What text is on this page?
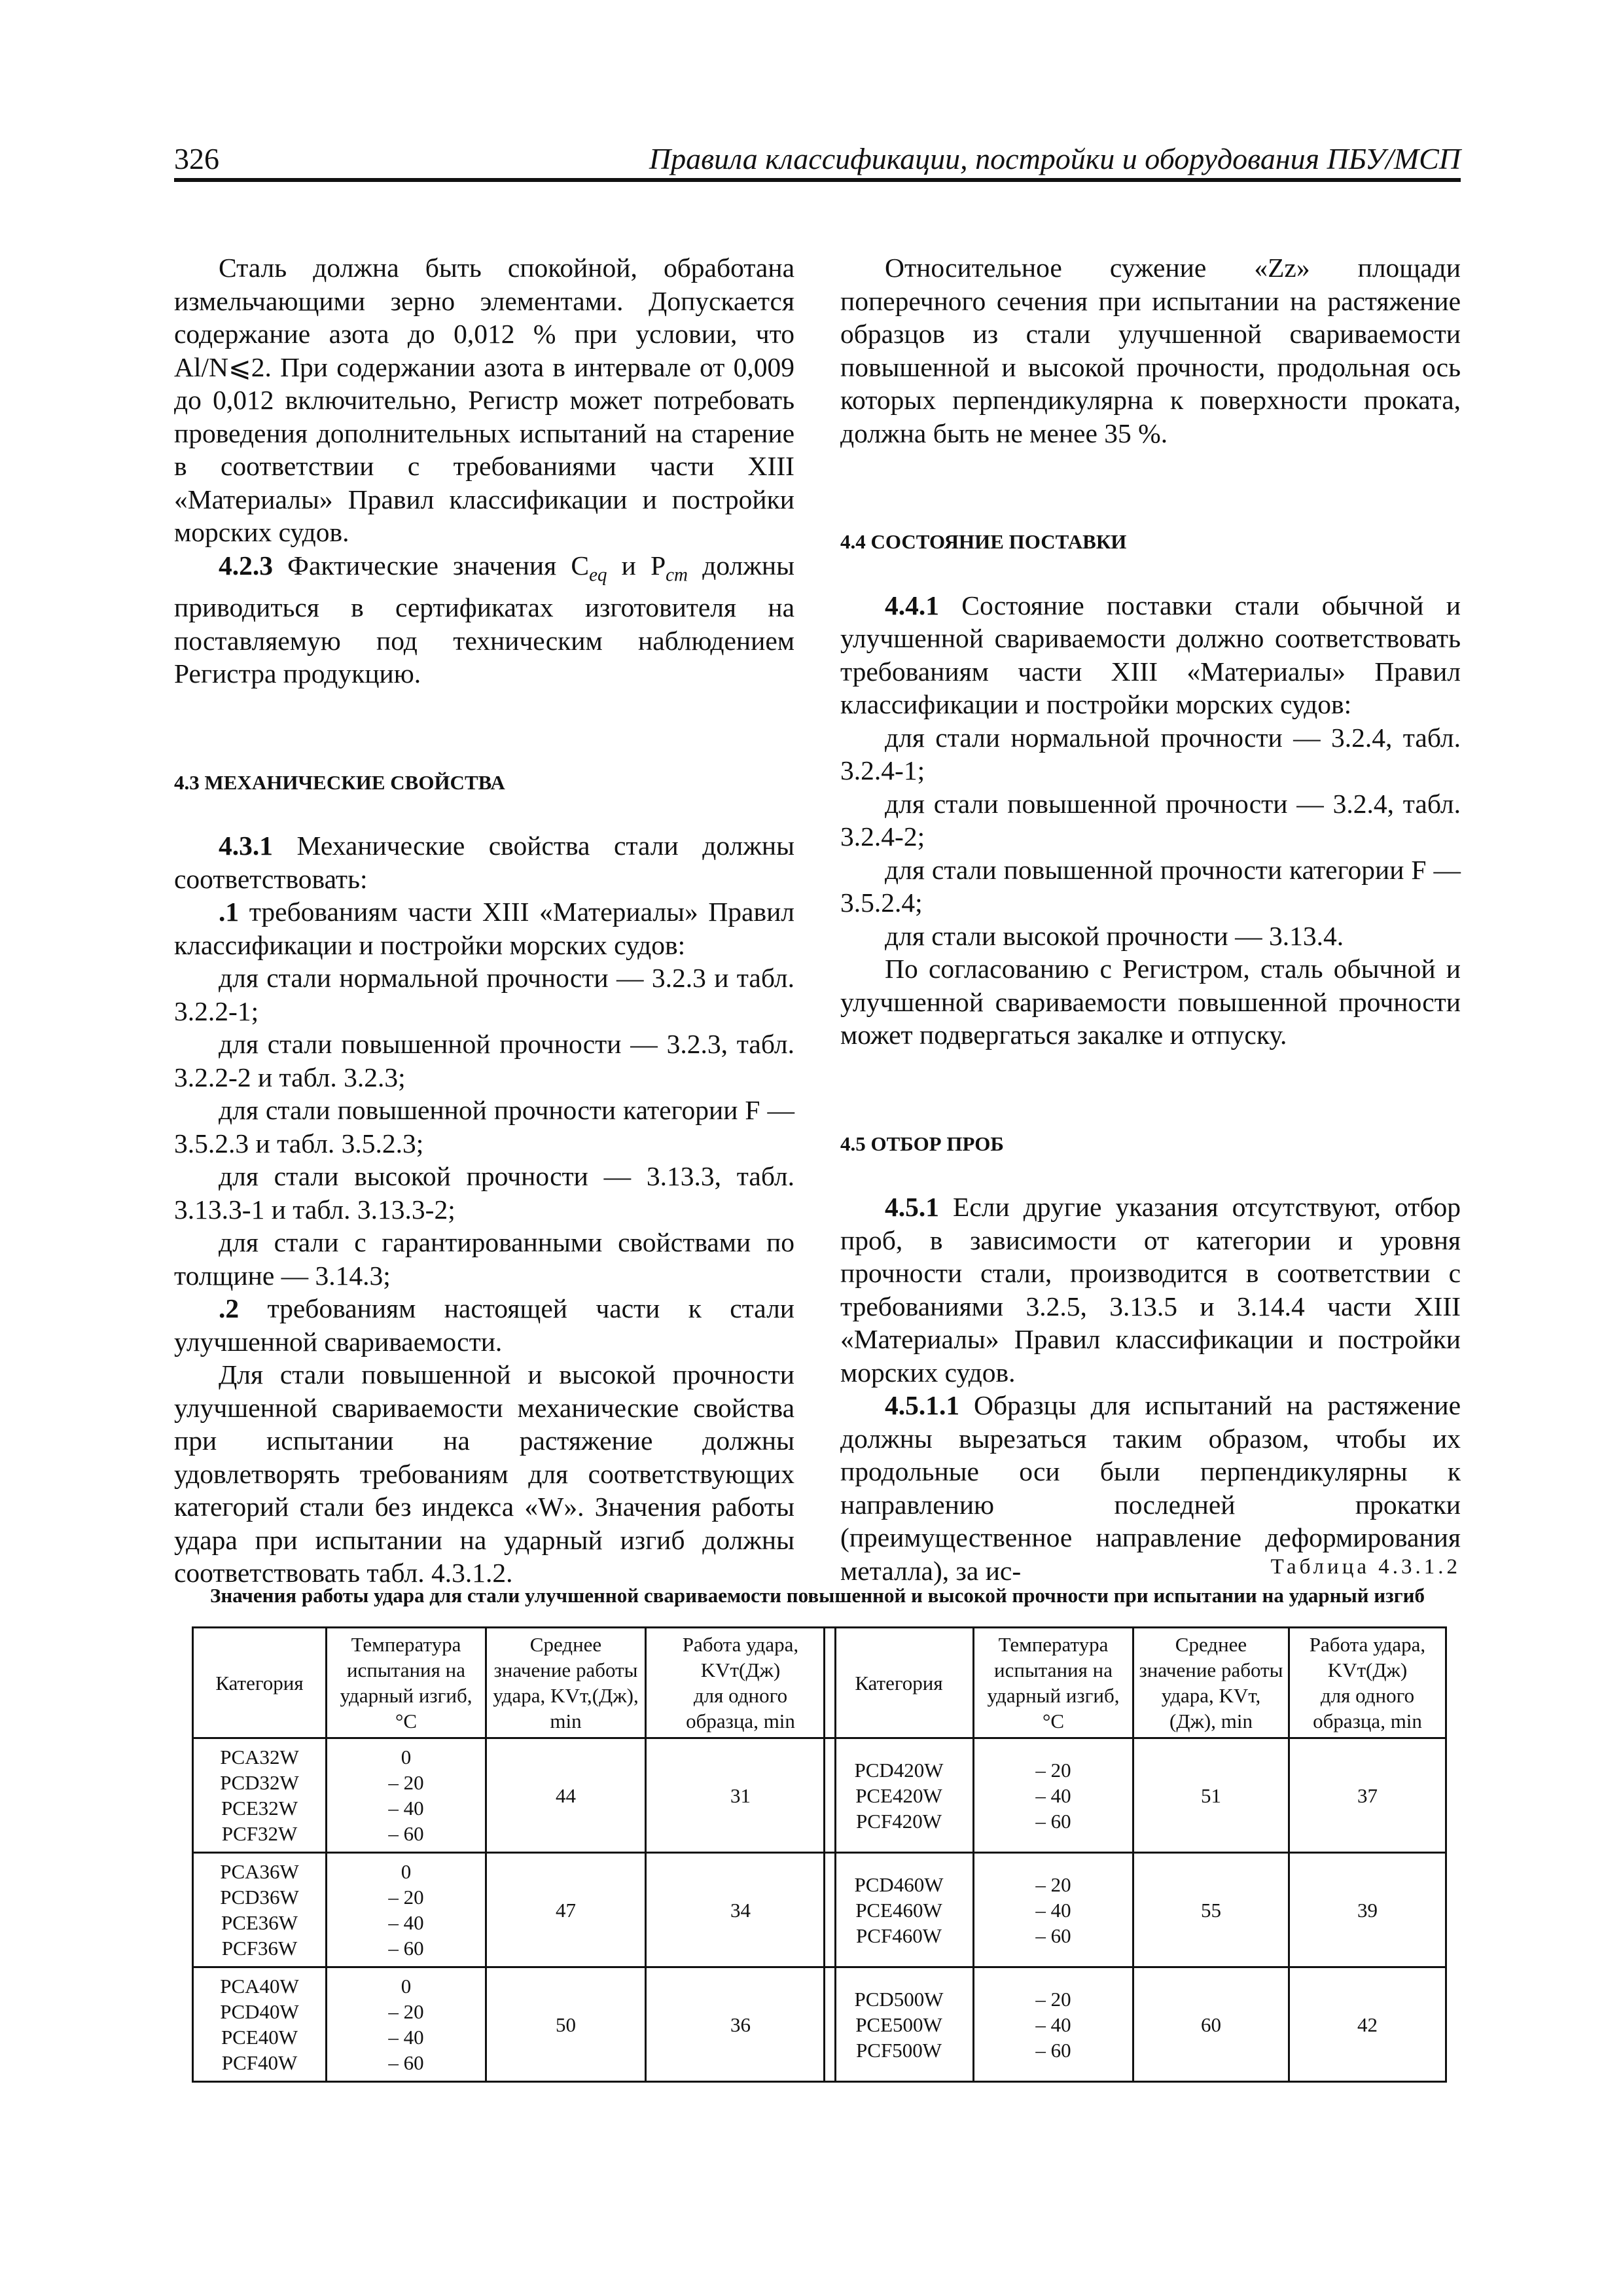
326	Правила классификации, постройки и оборудования ПБУ/МСП

Сталь должна быть спокойной, обработана измельчающими зерно элементами. Допускается содержание азота до 0,012 % при условии, что Al/N⩽2. При содержании азота в интервале от 0,009 до 0,012 включительно, Регистр может потребовать проведения дополнительных испытаний на старение в соответствии с требованиями части XIII «Материалы» Правил классификации и постройки морских судов.

4.2.3 Фактические значения $C_{eq}$ и $P_{cm}$ должны приводиться в сертификатах изготовителя на поставляемую под техническим наблюдением Регистра продукцию.

4.3 МЕХАНИЧЕСКИЕ СВОЙСТВА

4.3.1 Механические свойства стали должны соответствовать:

.1 требованиям части XIII «Материалы» Правил классификации и постройки морских судов:

для стали нормальной прочности — 3.2.3 и табл. 3.2.2-1;

для стали повышенной прочности — 3.2.3, табл. 3.2.2-2 и табл. 3.2.3;

для стали повышенной прочности категории F — 3.5.2.3 и табл. 3.5.2.3;

для стали высокой прочности — 3.13.3, табл. 3.13.3-1 и табл. 3.13.3-2;

для стали с гарантированными свойствами по толщине — 3.14.3;

.2 требованиям настоящей части к стали улучшенной свариваемости.

Для стали повышенной и высокой прочности улучшенной свариваемости механические свойства при испытании на растяжение должны удовлетворять требованиям для соответствующих категорий стали без индекса «W». Значения работы удара при испытании на ударный изгиб должны соответствовать табл. 4.3.1.2.

Относительное сужение «Zz» площади поперечного сечения при испытании на растяжение образцов из стали улучшенной свариваемости повышенной и высокой прочности, продольная ось которых перпендикулярна к поверхности проката, должна быть не менее 35 %.

4.4 СОСТОЯНИЕ ПОСТАВКИ

4.4.1 Состояние поставки стали обычной и улучшенной свариваемости должно соответствовать требованиям части XIII «Материалы» Правил классификации и постройки морских судов:

для стали нормальной прочности — 3.2.4, табл. 3.2.4-1;

для стали повышенной прочности — 3.2.4, табл. 3.2.4-2;

для стали повышенной прочности категории F — 3.5.2.4;

для стали высокой прочности — 3.13.4.

По согласованию с Регистром, сталь обычной и улучшенной свариваемости повышенной прочности может подвергаться закалке и отпуску.

4.5 ОТБОР ПРОБ

4.5.1 Если другие указания отсутствуют, отбор проб, в зависимости от категории и уровня прочности стали, производится в соответствии с требованиями 3.2.5, 3.13.5 и 3.14.4 части XIII «Материалы» Правил классификации и постройки морских судов.

4.5.1.1 Образцы для испытаний на растяжение должны вырезаться таким образом, чтобы их продольные оси были перпендикулярны к направлению последней прокатки (преимущественное направление деформирования металла), за ис-	Таблица 4.3.1.2
Значения работы удара для стали улучшенной свариваемости повышенной и высокой прочности при испытании на ударный изгиб
Категория	Температура
испытания на
ударный изгиб,
°С	Среднее
значение работы
удара, KVт,(Дж),
min	Работа удара,
KVт(Дж)
для одного
образца, min
PCA32W
PCD32W
PCE32W
PCF32W	0
– 20
– 40
– 60	44	31
PCA36W
PCD36W
PCE36W
PCF36W	0
– 20
– 40
– 60	47	34
PCA40W
PCD40W
PCE40W
PCF40W	0
– 20
– 40
– 60	50	36
Категория	Температура
испытания на
ударный изгиб,
°С	Среднее
значение работы
удара, KVт,
(Дж), min	Работа удара,
KVт(Дж)
для одного
образца, min
PCD420W
PCE420W
PCF420W	– 20
– 40
– 60	51	37
PCD460W
PCE460W
PCF460W	– 20
– 40
– 60	55	39
PCD500W
PCE500W
PCF500W	– 20
– 40
– 60	60	42
